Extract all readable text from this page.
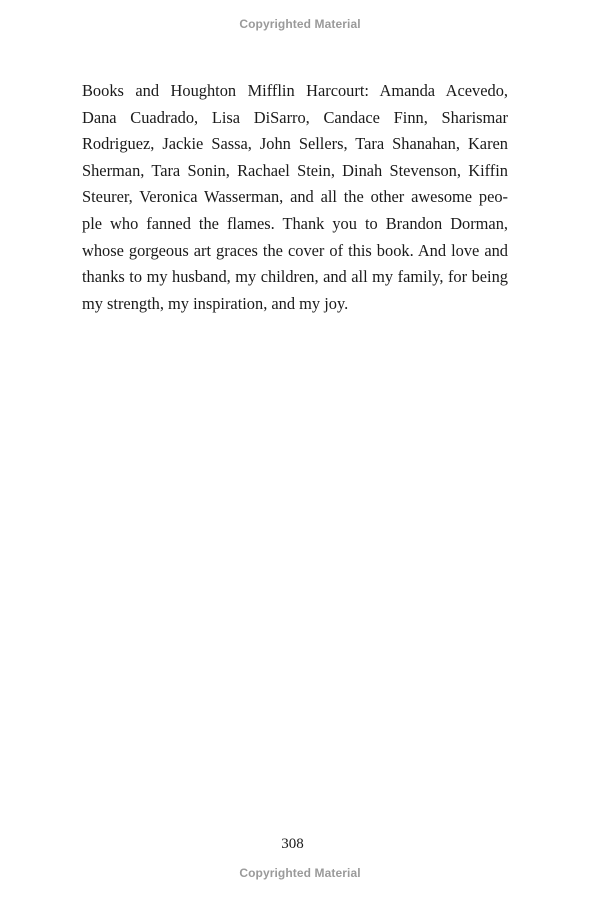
Copyrighted Material
Books and Houghton Mifflin Harcourt: Amanda Acevedo,
Dana Cuadrado, Lisa DiSarro, Candace Finn, Sharismar
Rodriguez, Jackie Sassa, John Sellers, Tara Shanahan, Karen
Sherman, Tara Sonin, Rachael Stein, Dinah Stevenson, Kiffin
Steurer, Veronica Wasserman, and all the other awesome peo-
ple who fanned the flames. Thank you to Brandon Dorman,
whose gorgeous art graces the cover of this book. And love and
thanks to my husband, my children, and all my family, for being
my strength, my inspiration, and my joy.
308
Copyrighted Material
